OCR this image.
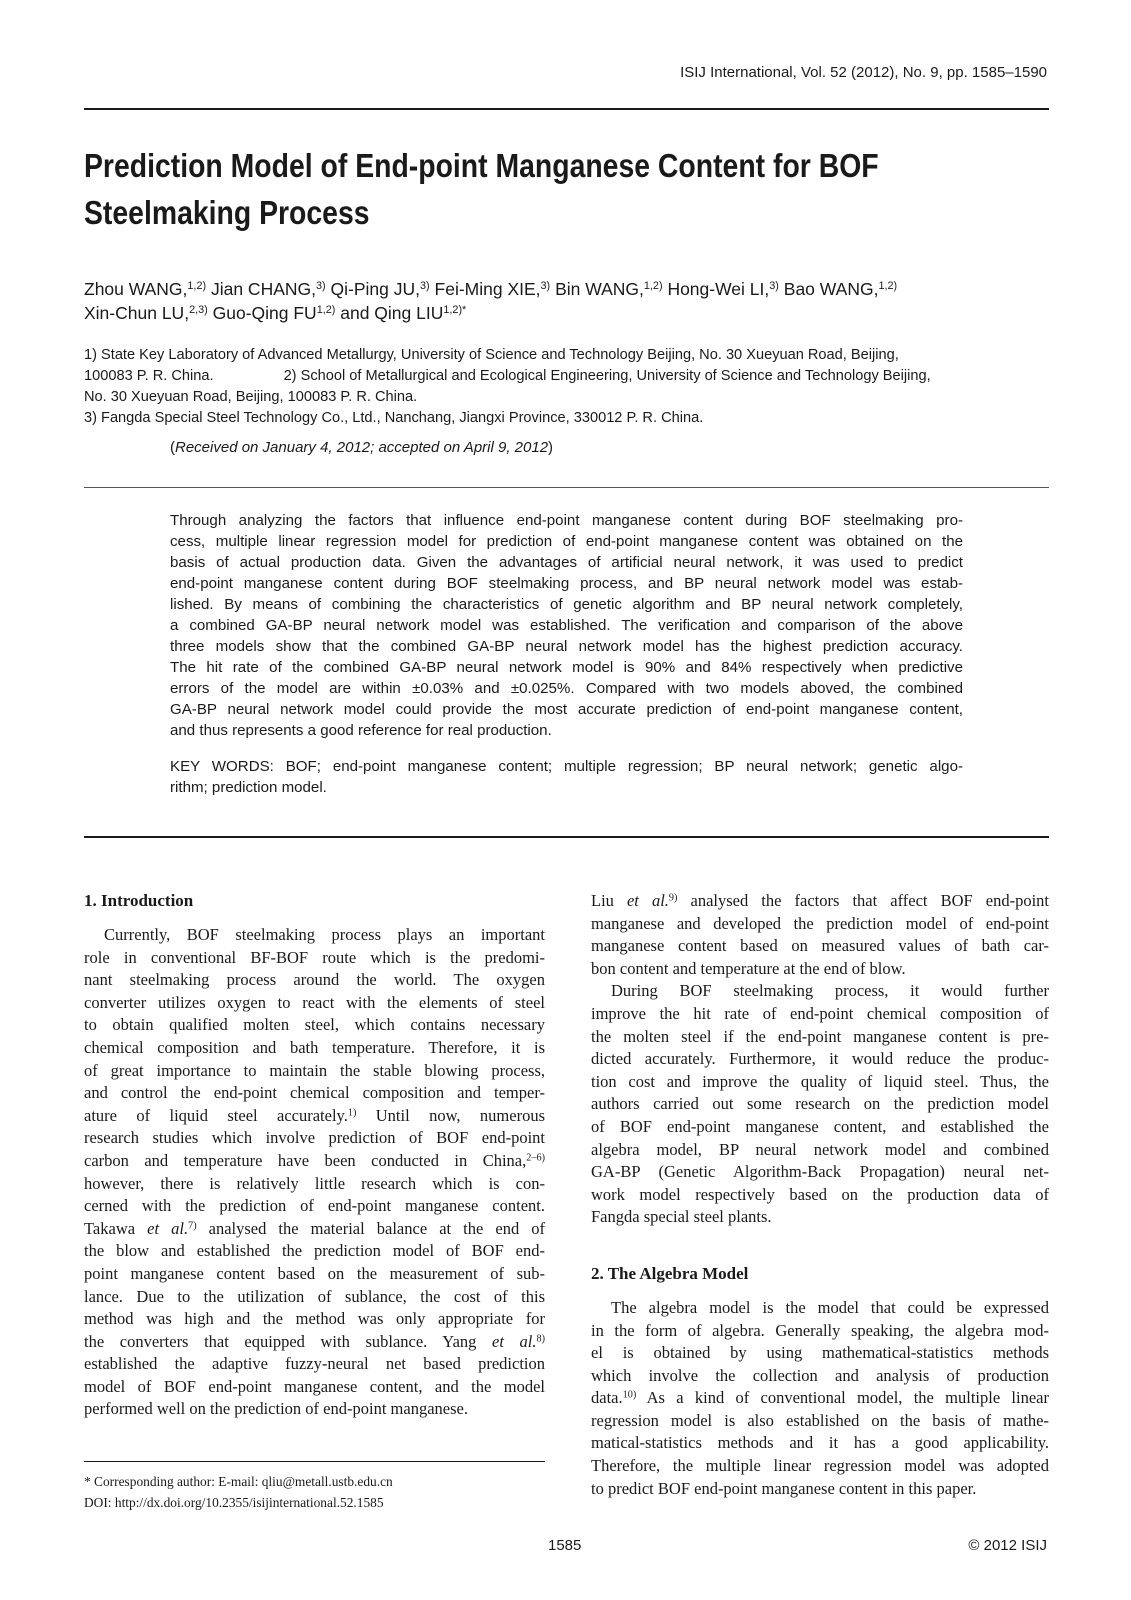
ISIJ International, Vol. 52 (2012), No. 9, pp. 1585–1590
Prediction Model of End-point Manganese Content for BOF Steelmaking Process
Zhou WANG,$^{1,2)}$ Jian CHANG,$^{3)}$ Qi-Ping JU,$^{3)}$ Fei-Ming XIE,$^{3)}$ Bin WANG,$^{1,2)}$ Hong-Wei LI,$^{3)}$ Bao WANG,$^{1,2)}$
Xin-Chun LU,$^{2,3)}$ Guo-Qing FU$^{1,2)}$ and Qing $LIU^{1,2)*}$
1) State Key Laboratory of Advanced Metallurgy, University of Science and Technology Beijing, No. 30 Xueyuan Road, Beijing,
100083 P. R. China.	2) School of Metallurgical and Ecological Engineering, University of Science and Technology Beijing,
No. 30 Xueyuan Road, Beijing, 100083 P. R. China.
3) Fangda Special Steel Technology Co., Ltd., Nanchang, Jiangxi Province, 330012 P. R. China.
(Received on January 4, 2012; accepted on April 9, 2012)
Through analyzing the factors that influence end-point manganese content during BOF steelmaking pro-
cess, multiple linear regression model for prediction of end-point manganese content was obtained on the
basis of actual production data. Given the advantages of artificial neural network, it was used to predict
end-point manganese content during BOF steelmaking process, and BP neural network model was estab-
lished. By means of combining the characteristics of genetic algorithm and BP neural network completely,
a combined GA-BP neural network model was established. The verification and comparison of the above
three models show that the combined GA-BP neural network model has the highest prediction accuracy.
The hit rate of the combined GA-BP neural network model is 90% and 84% respectively when predictive
errors of the model are within ±0.03% and ±0.025%. Compared with two models aboved, the combined
GA-BP neural network model could provide the most accurate prediction of end-point manganese content,
and thus represents a good reference for real production.
KEY WORDS: BOF; end-point manganese content; multiple regression; BP neural network; genetic algo-
rithm; prediction model.
1. Introduction

Currently, BOF steelmaking process plays an important
role in conventional BF-BOF route which is the predomi-
nant steelmaking process around the world. The oxygen
converter utilizes oxygen to react with the elements of steel
to obtain qualified molten steel, which contains necessary
chemical composition and bath temperature. Therefore, it is
of great importance to maintain the stable blowing process,
and control the end-point chemical composition and temper-
ature of liquid steel accurately.$^{1)}$ Until now, numerous
research studies which involve prediction of BOF end-point
carbon and temperature have been conducted in China,$^{2-6)}$
however, there is relatively little research which is con-
cerned with the prediction of end-point manganese content.
Takawa et al.$^{7)}$ analysed the material balance at the end of
the blow and established the prediction model of BOF end-
point manganese content based on the measurement of sub-
lance. Due to the utilization of sublance, the cost of this
method was high and the method was only appropriate for
the converters that equipped with sublance. Yang et al.$^{8)}$
established the adaptive fuzzy-neural net based prediction
model of BOF end-point manganese content, and the model
performed well on the prediction of end-point manganese.

Liu et al.$^{9)}$ analysed the factors that affect BOF end-point
manganese and developed the prediction model of end-point
manganese content based on measured values of bath car-
bon content and temperature at the end of blow.

During BOF steelmaking process, it would further
improve the hit rate of end-point chemical composition of
the molten steel if the end-point manganese content is pre-
dicted accurately. Furthermore, it would reduce the produc-
tion cost and improve the quality of liquid steel. Thus, the
authors carried out some research on the prediction model
of BOF end-point manganese content, and established the
algebra model, BP neural network model and combined
GA-BP (Genetic Algorithm-Back Propagation) neural net-
work model respectively based on the production data of
Fangda special steel plants.

2. The Algebra Model

The algebra model is the model that could be expressed
in the form of algebra. Generally speaking, the algebra mod-
el is obtained by using mathematical-statistics methods
which involve the collection and analysis of production
data.$^{10)}$ As a kind of conventional model, the multiple linear
regression model is also established on the basis of mathe-
matical-statistics methods and it has a good applicability.
Therefore, the multiple linear regression model was adopted
to predict BOF end-point manganese content in this paper.

* Corresponding author: E-mail: qliu@metall.ustb.edu.cn
DOI: http://dx.doi.org/10.2355/isijinternational.52.1585
1585	© 2012 ISIJ
